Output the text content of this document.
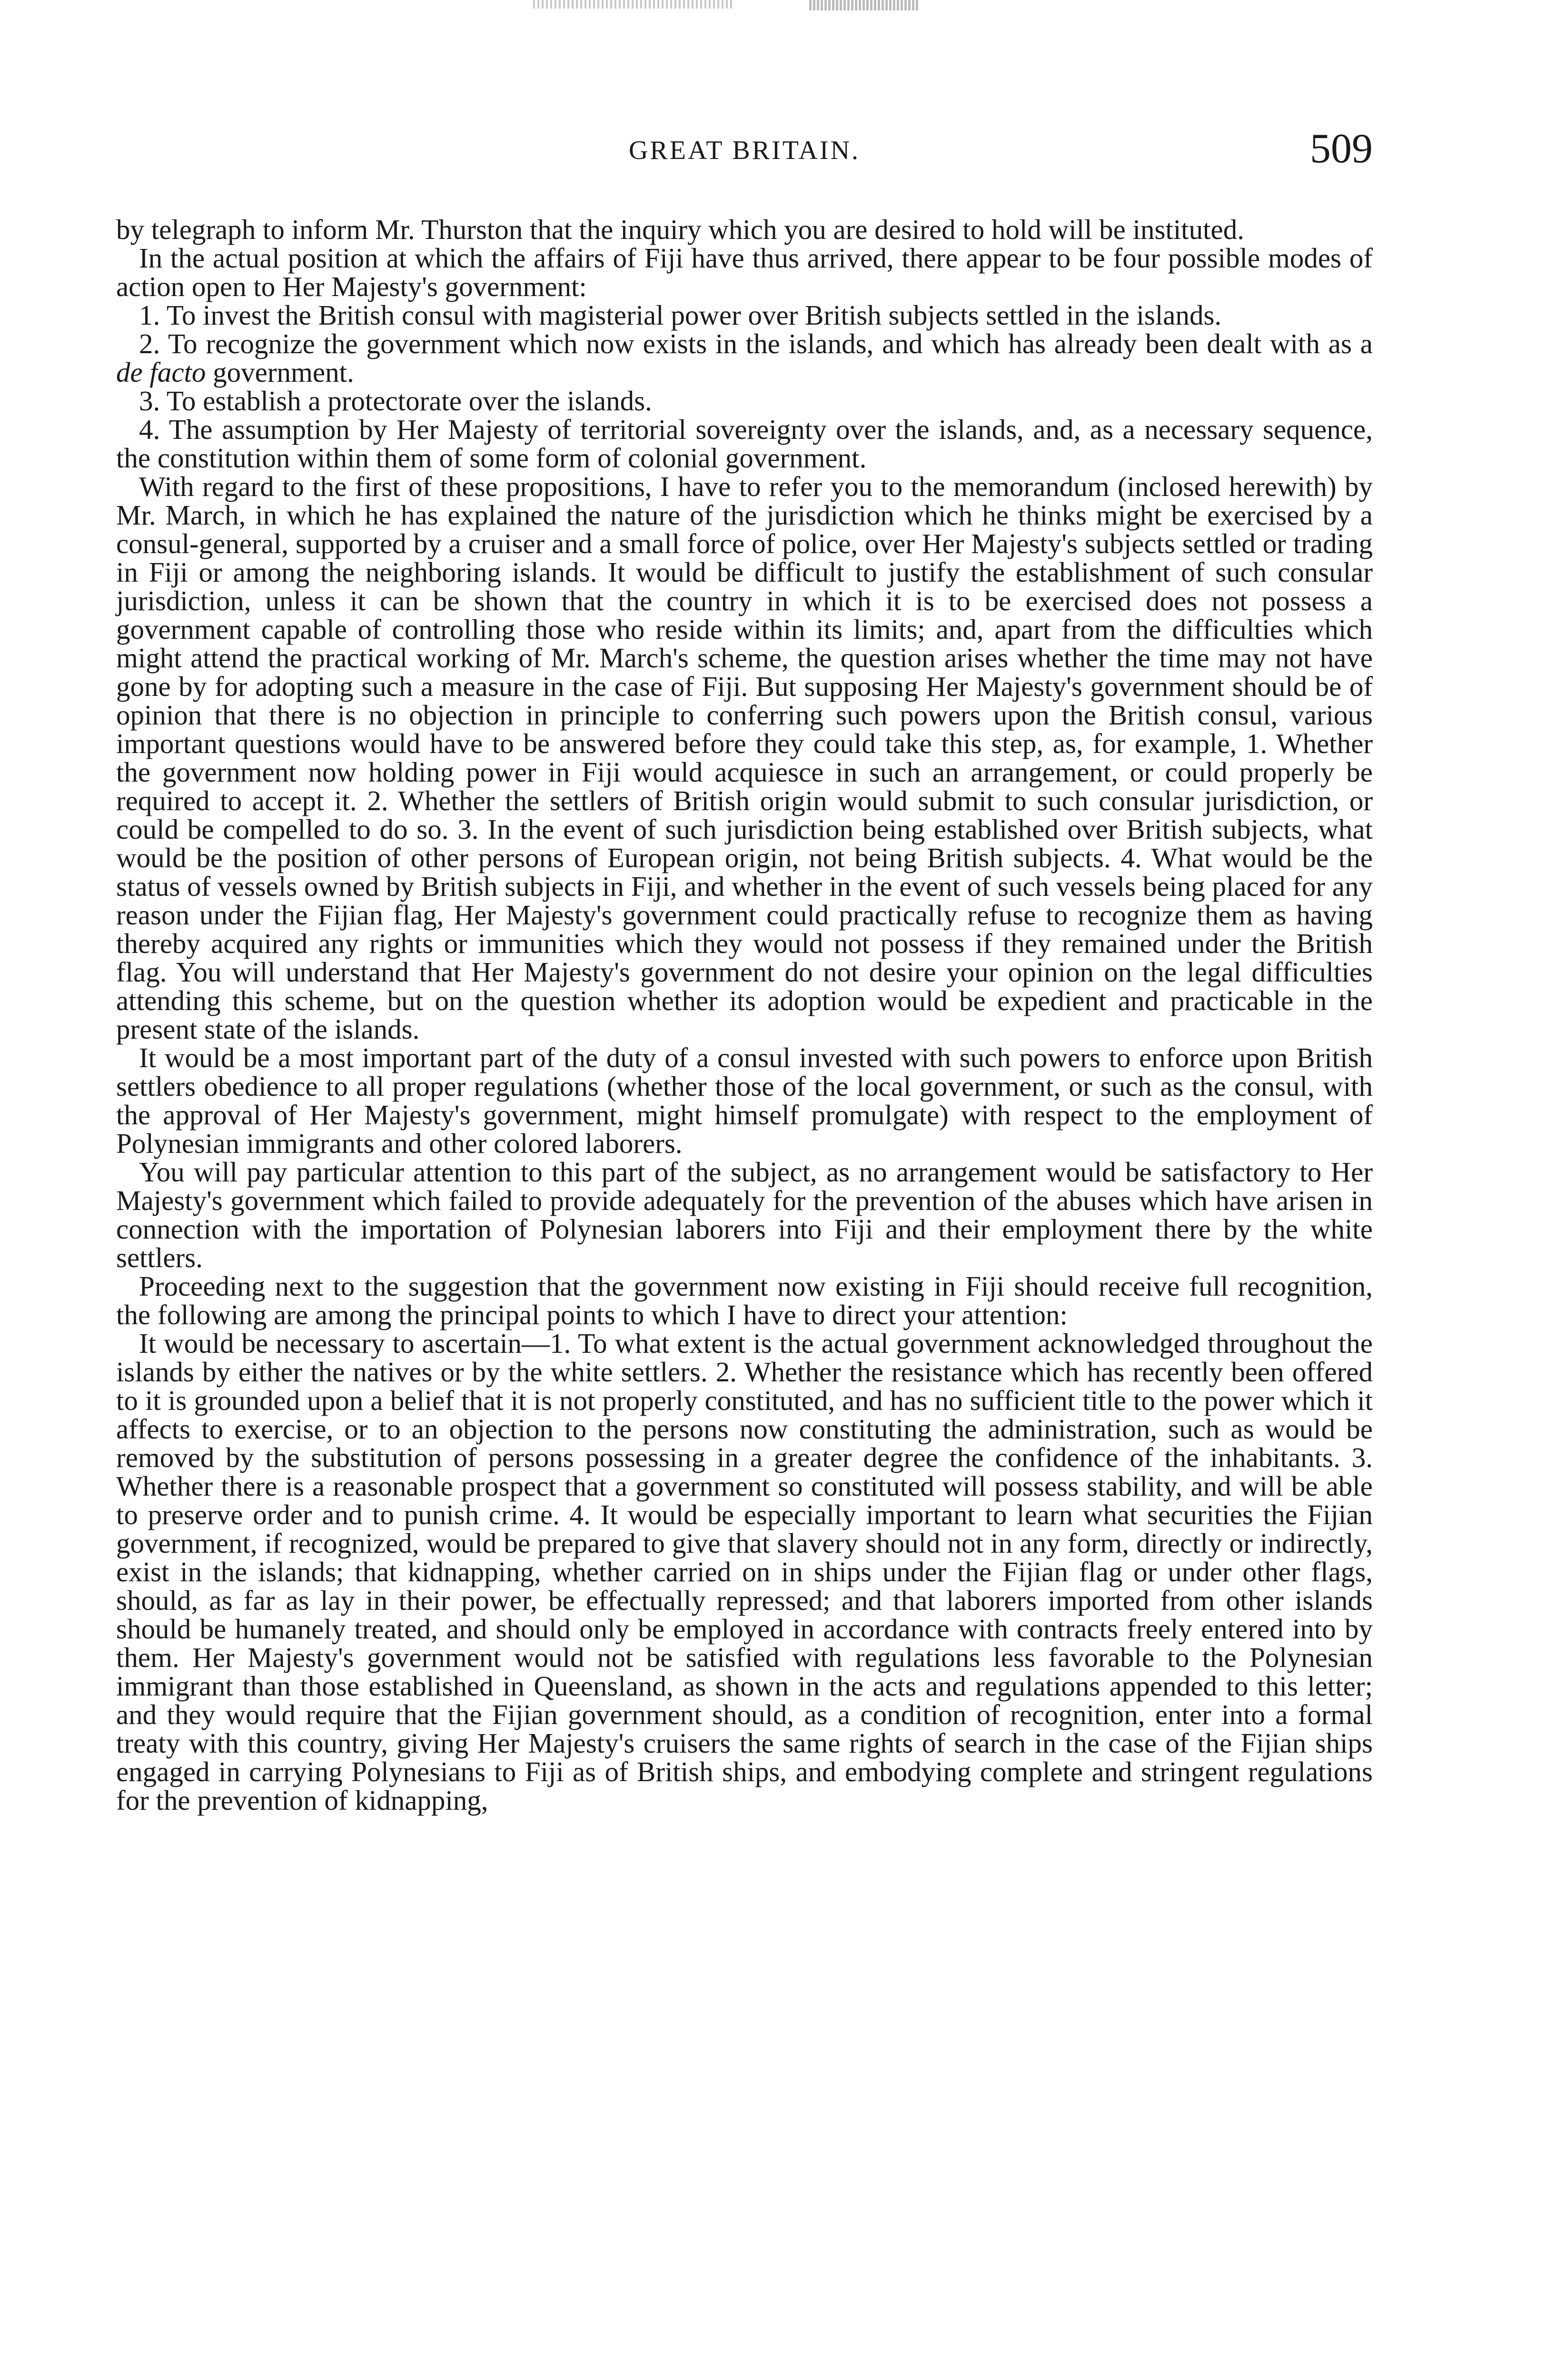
GREAT BRITAIN.	509

by telegraph to inform Mr. Thurston that the inquiry which you are desired to hold will be instituted.

In the actual position at which the affairs of Fiji have thus arrived, there appear to be four possible modes of action open to Her Majesty's government:

1. To invest the British consul with magisterial power over British subjects settled in the islands.

2. To recognize the government which now exists in the islands, and which has already been dealt with as a de facto government.

3. To establish a protectorate over the islands.

4. The assumption by Her Majesty of territorial sovereignty over the islands, and, as a necessary sequence, the constitution within them of some form of colonial government.

With regard to the first of these propositions, I have to refer you to the memorandum (inclosed herewith) by Mr. March, in which he has explained the nature of the jurisdiction which he thinks might be exercised by a consul-general, supported by a cruiser and a small force of police, over Her Majesty's subjects settled or trading in Fiji or among the neighboring islands. It would be difficult to justify the establishment of such consular jurisdiction, unless it can be shown that the country in which it is to be exercised does not possess a government capable of controlling those who reside within its limits; and, apart from the difficulties which might attend the practical working of Mr. March's scheme, the question arises whether the time may not have gone by for adopting such a measure in the case of Fiji. But supposing Her Majesty's government should be of opinion that there is no objection in principle to conferring such powers upon the British consul, various important questions would have to be answered before they could take this step, as, for example, 1. Whether the government now holding power in Fiji would acquiesce in such an arrangement, or could properly be required to accept it. 2. Whether the settlers of British origin would submit to such consular jurisdiction, or could be compelled to do so. 3. In the event of such jurisdiction being established over British subjects, what would be the position of other persons of European origin, not being British subjects. 4. What would be the status of vessels owned by British subjects in Fiji, and whether in the event of such vessels being placed for any reason under the Fijian flag, Her Majesty's government could practically refuse to recognize them as having thereby acquired any rights or immunities which they would not possess if they remained under the British flag. You will understand that Her Majesty's government do not desire your opinion on the legal difficulties attending this scheme, but on the question whether its adoption would be expedient and practicable in the present state of the islands.

It would be a most important part of the duty of a consul invested with such powers to enforce upon British settlers obedience to all proper regulations (whether those of the local government, or such as the consul, with the approval of Her Majesty's government, might himself promulgate) with respect to the employment of Polynesian immigrants and other colored laborers.

You will pay particular attention to this part of the subject, as no arrangement would be satisfactory to Her Majesty's government which failed to provide adequately for the prevention of the abuses which have arisen in connection with the importation of Polynesian laborers into Fiji and their employment there by the white settlers.

Proceeding next to the suggestion that the government now existing in Fiji should receive full recognition, the following are among the principal points to which I have to direct your attention:

It would be necessary to ascertain—1. To what extent is the actual government acknowledged throughout the islands by either the natives or by the white settlers. 2. Whether the resistance which has recently been offered to it is grounded upon a belief that it is not properly constituted, and has no sufficient title to the power which it affects to exercise, or to an objection to the persons now constituting the administration, such as would be removed by the substitution of persons possessing in a greater degree the confidence of the inhabitants. 3. Whether there is a reasonable prospect that a government so constituted will possess stability, and will be able to preserve order and to punish crime. 4. It would be especially important to learn what securities the Fijian government, if recognized, would be prepared to give that slavery should not in any form, directly or indirectly, exist in the islands; that kidnapping, whether carried on in ships under the Fijian flag or under other flags, should, as far as lay in their power, be effectually repressed; and that laborers imported from other islands should be humanely treated, and should only be employed in accordance with contracts freely entered into by them. Her Majesty's government would not be satisfied with regulations less favorable to the Polynesian immigrant than those established in Queensland, as shown in the acts and regulations appended to this letter; and they would require that the Fijian government should, as a condition of recognition, enter into a formal treaty with this country, giving Her Majesty's cruisers the same rights of search in the case of the Fijian ships engaged in carrying Polynesians to Fiji as of British ships, and embodying complete and stringent regulations for the prevention of kidnapping,
